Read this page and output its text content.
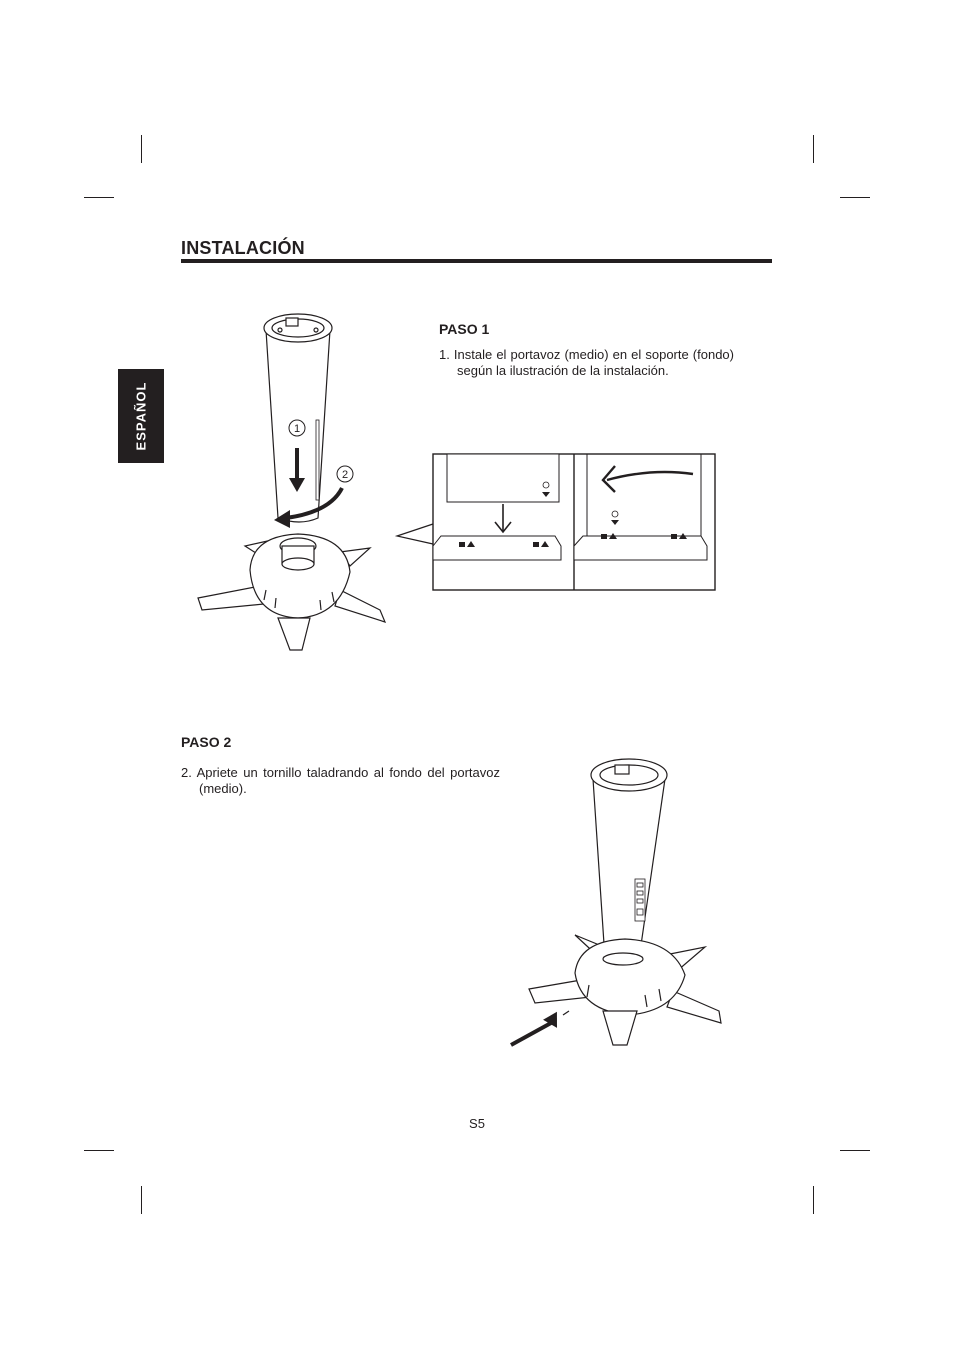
INSTALACIÓN
ESPAÑOL
PASO 1
1. Instale el portavoz (medio) en el soporte (fondo) según la ilustración de la instalación.
1
2
PASO 2
2. Apriete un tornillo taladrando al fondo del portavoz (medio).
S5
